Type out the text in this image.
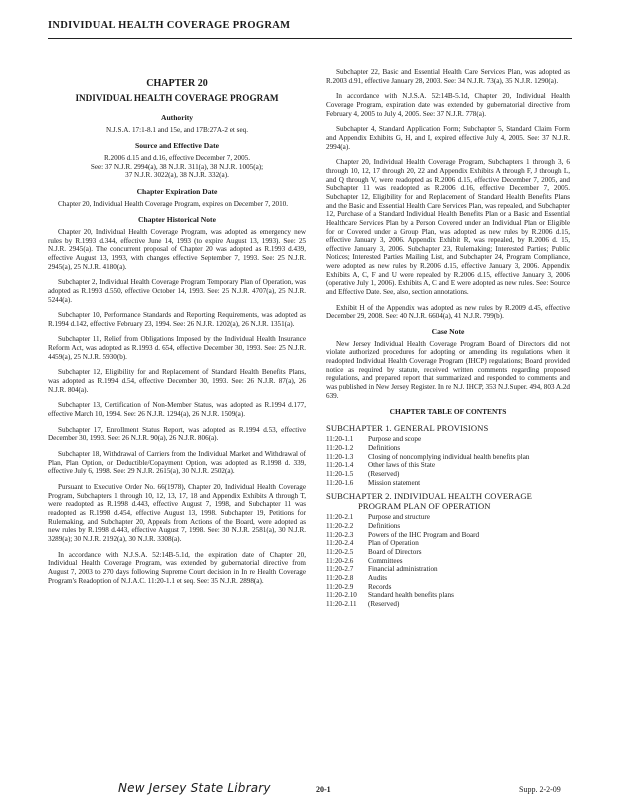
INDIVIDUAL HEALTH COVERAGE PROGRAM
CHAPTER 20
INDIVIDUAL HEALTH COVERAGE PROGRAM
Authority

N.J.S.A. 17:1-8.1 and 15e, and 17B:27A-2 et seq.

Source and Effective Date

R.2006 d.15 and d.16, effective December 7, 2005.

See: 37 N.J.R. 2994(a), 38 N.J.R. 311(a), 38 N.J.R. 1005(a);

37 N.J.R. 3022(a), 38 N.J.R. 332(a).

Chapter Expiration Date

Chapter 20, Individual Health Coverage Program, expires on December 7, 2010.

Chapter Historical Note

Chapter 20, Individual Health Coverage Program, was adopted as emergency new rules by R.1993 d.344, effective June 14, 1993 (to expire August 13, 1993). See: 25 N.J.R. 2945(a). The concurrent proposal of Chapter 20 was adopted as R.1993 d.439, effective August 13, 1993, with changes effective September 7, 1993. See: 25 N.J.R. 2945(a), 25 N.J.R. 4180(a).

Subchapter 2, Individual Health Coverage Program Temporary Plan of Operation, was adopted as R.1993 d.550, effective October 14, 1993. See: 25 N.J.R. 4707(a), 25 N.J.R. 5244(a).

Subchapter 10, Performance Standards and Reporting Requirements, was adopted as R.1994 d.142, effective February 23, 1994. See: 26 N.J.R. 1202(a), 26 N.J.R. 1351(a).

Subchapter 11, Relief from Obligations Imposed by the Individual Health Insurance Reform Act, was adopted as R.1993 d. 654, effective December 30, 1993. See: 25 N.J.R. 4459(a), 25 N.J.R. 5930(b).

Subchapter 12, Eligibility for and Replacement of Standard Health Benefits Plans, was adopted as R.1994 d.54, effective December 30, 1993. See: 26 N.J.R. 87(a), 26 N.J.R. 804(a).

Subchapter 13, Certification of Non-Member Status, was adopted as R.1994 d.177, effective March 10, 1994. See: 26 N.J.R. 1294(a), 26 N.J.R. 1509(a).

Subchapter 17, Enrollment Status Report, was adopted as R.1994 d.53, effective December 30, 1993. See: 26 N.J.R. 90(a), 26 N.J.R. 806(a).

Subchapter 18, Withdrawal of Carriers from the Individual Market and Withdrawal of Plan, Plan Option, or Deductible/Copayment Option, was adopted as R.1998 d. 339, effective July 6, 1998. See: 29 N.J.R. 2615(a), 30 N.J.R. 2502(a).

Pursuant to Executive Order No. 66(1978), Chapter 20, Individual Health Coverage Program, Subchapters 1 through 10, 12, 13, 17, 18 and Appendix Exhibits A through T, were readopted as R.1998 d.443, effective August 7, 1998, and Subchapter 11 was readopted as R.1998 d.454, effective August 13, 1998. Subchapter 19, Petitions for Rulemaking, and Subchapter 20, Appeals from Actions of the Board, were adopted as new rules by R.1998 d.443, effective August 7, 1998. See: 30 N.J.R. 2581(a), 30 N.J.R. 3289(a); 30 N.J.R. 2192(a), 30 N.J.R. 3308(a).

In accordance with N.J.S.A. 52:14B-5.1d, the expiration date of Chapter 20, Individual Health Coverage Program, was extended by gubernatorial directive from August 7, 2003 to 270 days following Supreme Court decision in In re Health Coverage Program's Readoption of N.J.A.C. 11:20-1.1 et seq. See: 35 N.J.R. 2898(a).

Subchapter 22, Basic and Essential Health Care Services Plan, was adopted as R.2003 d.91, effective January 28, 2003. See: 34 N.J.R. 73(a), 35 N.J.R. 1290(a).

In accordance with N.J.S.A. 52:14B-5.1d, Chapter 20, Individual Health Coverage Program, expiration date was extended by gubernatorial directive from February 4, 2005 to July 4, 2005. See: 37 N.J.R. 778(a).

Subchapter 4, Standard Application Form; Subchapter 5, Standard Claim Form and Appendix Exhibits G, H, and I, expired effective July 4, 2005. See: 37 N.J.R. 2994(a).

Chapter 20, Individual Health Coverage Program, Subchapters 1 through 3, 6 through 10, 12, 17 through 20, 22 and Appendix Exhibits A through F, J through L, and Q through V, were readopted as R.2006 d.15, effective December 7, 2005, and Subchapter 11 was readopted as R.2006 d.16, effective December 7, 2005. Subchapter 12, Eligibility for and Replacement of Standard Health Benefits Plans and the Basic and Essential Health Care Services Plan, was repealed, and Subchapter 12, Purchase of a Standard Individual Health Benefits Plan or a Basic and Essential Healthcare Services Plan by a Person Covered under an Individual Plan or Eligible for or Covered under a Group Plan, was adopted as new rules by R.2006 d.15, effective January 3, 2006. Appendix Exhibit R, was repealed, by R.2006 d. 15, effective January 3, 2006. Subchapter 23, Rulemaking; Interested Parties; Public Notices; Interested Parties Mailing List, and Subchapter 24, Program Compliance, were adopted as new rules by R.2006 d.15, effective January 3, 2006. Appendix Exhibits A, C, F and U were repealed by R.2006 d.15, effective January 3, 2006 (operative July 1, 2006). Exhibits A, C and E were adopted as new rules. See: Source and Effective Date. See, also, section annotations.

Exhibit H of the Appendix was adopted as new rules by R.2009 d.45, effective December 29, 2008. See: 40 N.J.R. 6604(a), 41 N.J.R. 799(b).

Case Note

New Jersey Individual Health Coverage Program Board of Directors did not violate authorized procedures for adopting or amending its regulations when it readopted Individual Health Coverage Program (IHCP) regulations; Board provided notice as required by statute, received written comments regarding proposed regulations, and prepared report that summarized and responded to comments and was published in New Jersey Register. In re N.J. IHCP, 353 N.J.Super. 494, 803 A.2d 639.

CHAPTER TABLE OF CONTENTS
SUBCHAPTER 1. GENERAL PROVISIONS
11:20-1.1	Purpose and scope
11:20-1.2	Definitions
11:20-1.3	Closing of noncomplying individual health benefits plan
11:20-1.4	Other laws of this State
11:20-1.5	(Reserved)
11:20-1.6	Mission statement
SUBCHAPTER 2. INDIVIDUAL HEALTH COVERAGE
PROGRAM PLAN OF OPERATION
11:20-2.1	Purpose and structure
11:20-2.2	Definitions
11:20-2.3	Powers of the IHC Program and Board
11:20-2.4	Plan of Operation
11:20-2.5	Board of Directors
11:20-2.6	Committees
11:20-2.7	Financial administration
11:20-2.8	Audits
11:20-2.9	Records
11:20-2.10	Standard health benefits plans
11:20-2.11	(Reserved)
New Jersey State Library	20-1	Supp. 2-2-09
